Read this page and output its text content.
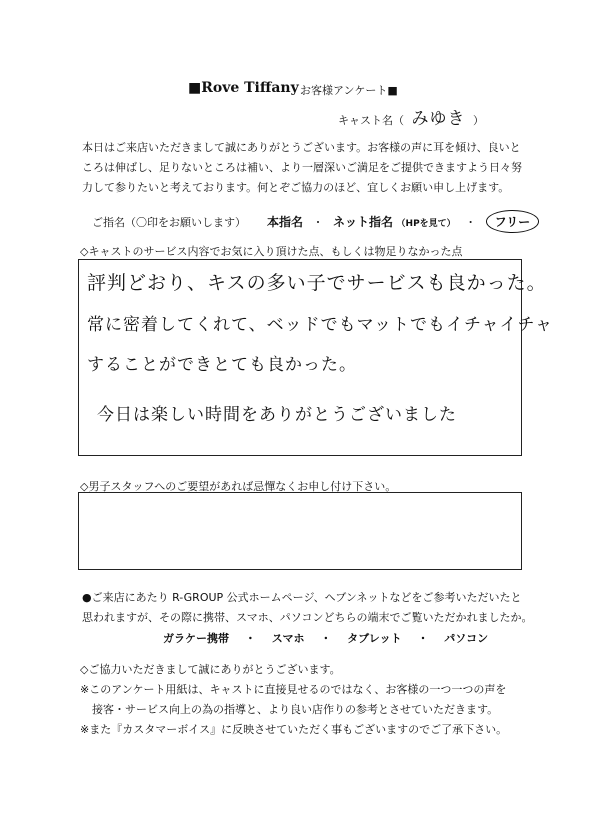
■Rove Tiffany お客様アンケート■
キャスト名（ みゆき ）
本日はご来店いただきまして誠にありがとうございます。お客様の声に耳を傾け、良いと
ころは伸ばし、足りないところは補い、より一層深いご満足をご提供できますよう日々努
力して参りたいと考えております。何とぞご協力のほど、宜しくお願い申し上げます。
ご指名（〇印をお願いします） 本指名 ・ ネット指名 （HPを見て） ・ フリー
◇キャストのサービス内容でお気に入り頂けた点、もしくは物足りなかった点
評判どおり、キスの多い子でサービスも良かった。
常に密着してくれて、ベッドでもマットでもイチャイチャ
することができとても良かった。
今日は楽しい時間をありがとうございました
◇男子スタッフへのご要望があれば忌憚なくお申し付け下さい。
●ご来店にあたり R-GROUP 公式ホームページ、ヘブンネットなどをご参考いただいたと
思われますが、その際に携帯、スマホ、パソコンどちらの端末でご覧いただかれましたか。
ガラケー携帯 ・ スマホ ・ タブレット ・ パソコン
◇ご協力いただきまして誠にありがとうございます。
※このアンケート用紙は、キャストに直接見せるのではなく、お客様の一つ一つの声を
接客・サービス向上の為の指導と、より良い店作りの参考とさせていただきます。
※また『カスタマーボイス』に反映させていただく事もございますのでご了承下さい。
